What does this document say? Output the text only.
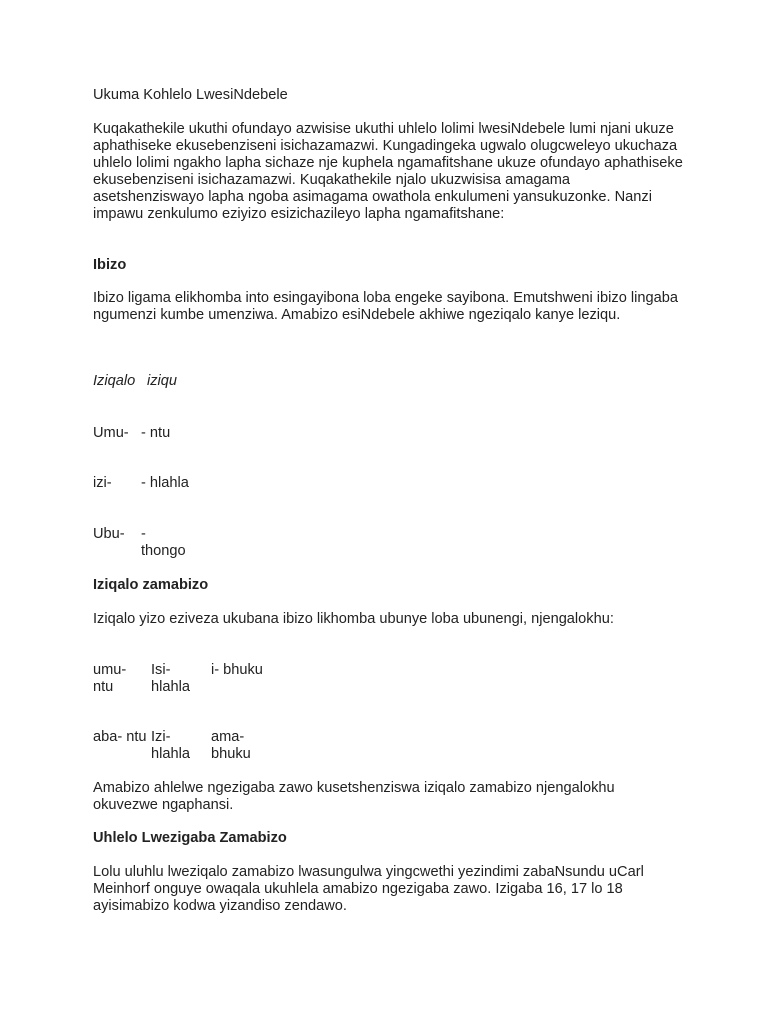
Ukuma Kohlelo LwesiNdebele

Kuqakathekile ukuthi ofundayo azwisise ukuthi uhlelo lolimi lwesiNdebele lumi njani ukuze aphathiseke ekusebenziseni isichazamazwi. Kungadingeka ugwalo olugcweleyo ukuchaza uhlelo lolimi ngakho lapha sichaze nje kuphela ngamafitshane ukuze ofundayo aphathiseke ekusebenziseni isichazamazwi. Kuqakathekile njalo ukuzwisisa amagama asetshenziswayo lapha ngoba asimagama owathola enkulumeni yansukuzonke. Nanzi impawu zenkulumo eziyizo esizichazileyo lapha ngamafitshane:

Ibizo

Ibizo ligama elikhomba into esingayibona loba engeke sayibona. Emutshweni ibizo lingaba ngumenzi kumbe umenziwa. Amabizo esiNdebele akhiwe ngeziqalo kanye leziqu.

Iziqalo iziqu

Umu- - ntu

izi- - hlahla

Ubu- -

thongo

Iziqalo zamabizo

Iziqalo yizo eziveza ukubana ibizo likhomba ubunye loba ubunengi, njengalokhu:

umu-

ntu

Isi-

hlahla

i- bhuku

aba- ntu Izi-

hlahla

ama-

bhuku

Amabizo ahlelwe ngezigaba zawo kusetshenziswa iziqalo zamabizo njengalokhu okuvezwe ngaphansi.

Uhlelo Lwezigaba Zamabizo

Lolu uluhlu lweziqalo zamabizo lwasungulwa yingcwethi yezindimi zabaNsundu uCarl Meinhorf onguye owaqala ukuhlela amabizo ngezigaba zawo. Izigaba 16, 17 lo 18 ayisimabizo kodwa yizandiso zendawo.
